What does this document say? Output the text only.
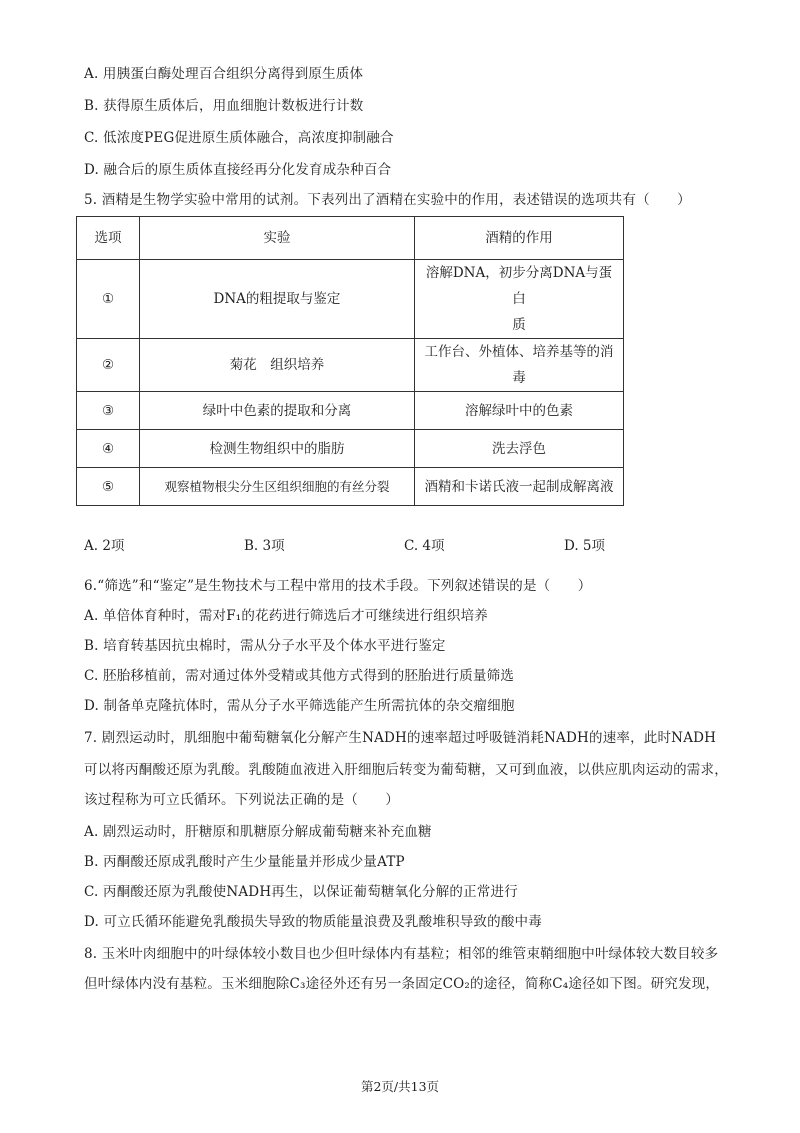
A. 用胰蛋白酶处理百合组织分离得到原生质体
B. 获得原生质体后，用血细胞计数板进行计数
C. 低浓度PEG促进原生质体融合，高浓度抑制融合
D. 融合后的原生质体直接经再分化发育成杂种百合
5. 酒精是生物学实验中常用的试剂。下表列出了酒精在实验中的作用，表述错误的选项共有（　　）
选项	实验	酒精的作用
①	DNA的粗提取与鉴定	溶解DNA，初步分离DNA与蛋白
质

②	菊花　组织培养	工作台、外植体、培养基等的消毒
③	绿叶中色素的提取和分离	溶解绿叶中的色素
④	检测生物组织中的脂肪	洗去浮色
⑤	观察植物根尖分生区组织细胞的有丝分裂	酒精和卡诺氏液一起制成解离液
A. 2项	B. 3项	C. 4项	D. 5项
6.“筛选”和“鉴定”是生物技术与工程中常用的技术手段。下列叙述错误的是（　　）
A. 单倍体育种时，需对F₁的花药进行筛选后才可继续进行组织培养
B. 培育转基因抗虫棉时，需从分子水平及个体水平进行鉴定
C. 胚胎移植前，需对通过体外受精或其他方式得到的胚胎进行质量筛选
D. 制备单克隆抗体时，需从分子水平筛选能产生所需抗体的杂交瘤细胞
7. 剧烈运动时，肌细胞中葡萄糖氧化分解产生NADH的速率超过呼吸链消耗NADH的速率，此时NADH
可以将丙酮酸还原为乳酸。乳酸随血液进入肝细胞后转变为葡萄糖，又可到血液，以供应肌肉运动的需求，
该过程称为可立氏循环。下列说法正确的是（　　）
A. 剧烈运动时，肝糖原和肌糖原分解成葡萄糖来补充血糖
B. 丙酮酸还原成乳酸时产生少量能量并形成少量ATP
C. 丙酮酸还原为乳酸使NADH再生，以保证葡萄糖氧化分解的正常进行
D. 可立氏循环能避免乳酸损失导致的物质能量浪费及乳酸堆积导致的酸中毒
8. 玉米叶肉细胞中的叶绿体较小数目也少但叶绿体内有基粒；相邻的维管束鞘细胞中叶绿体较大数目较多
但叶绿体内没有基粒。玉米细胞除C₃途径外还有另一条固定CO₂的途径，简称C₄途径如下图。研究发现，
第2页/共13页
